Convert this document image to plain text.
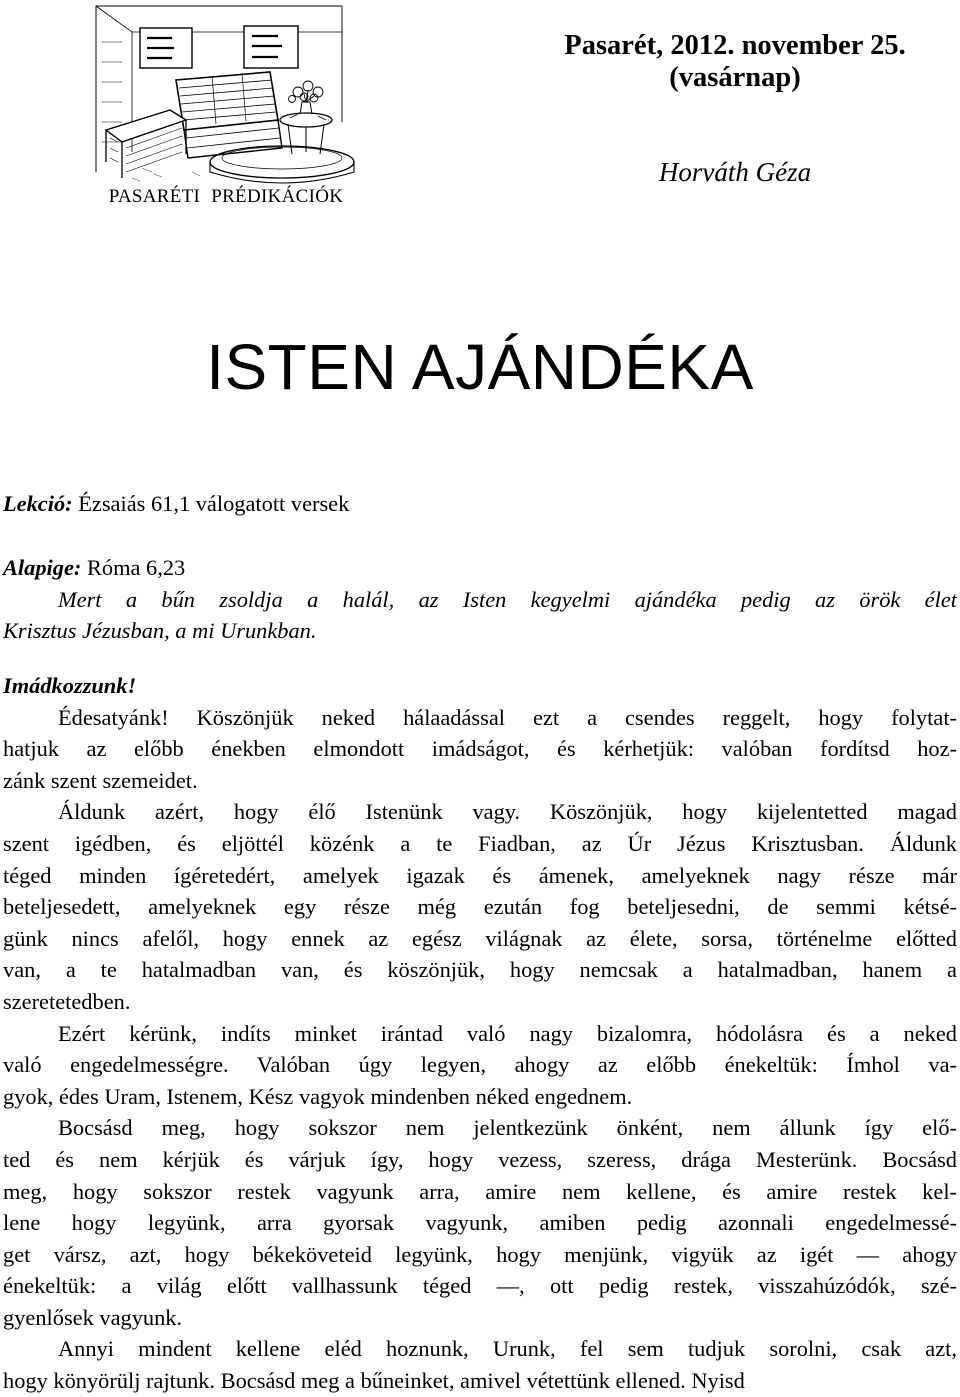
PASARÉTI PRÉDIKÁCIÓK
Pasarét, 2012. november 25.
(vasárnap)
Horváth Géza
ISTEN AJÁNDÉKA
Lekció: Ézsaiás 61,1 válogatott versek
Alapige: Róma 6,23
Mert a bűn zsoldja a halál, az Isten kegyelmi ajándéka pedig az örök élet
Krisztus Jézusban, a mi Urunkban.
Imádkozzunk!
Édesatyánk! Köszönjük neked hálaadással ezt a csendes reggelt, hogy folytat-
hatjuk az előbb énekben elmondott imádságot, és kérhetjük: valóban fordítsd hoz-
zánk szent szemeidet.
Áldunk azért, hogy élő Istenünk vagy. Köszönjük, hogy kijelentetted magad
szent igédben, és eljöttél közénk a te Fiadban, az Úr Jézus Krisztusban. Áldunk
téged minden ígéretedért, amelyek igazak és ámenek, amelyeknek nagy része már
beteljesedett, amelyeknek egy része még ezután fog beteljesedni, de semmi kétsé-
günk nincs afelől, hogy ennek az egész világnak az élete, sorsa, történelme előtted
van, a te hatalmadban van, és köszönjük, hogy nemcsak a hatalmadban, hanem a
szeretetedben.
Ezért kérünk, indíts minket irántad való nagy bizalomra, hódolásra és a neked
való engedelmességre. Valóban úgy legyen, ahogy az előbb énekeltük: Ímhol va-
gyok, édes Uram, Istenem, Kész vagyok mindenben néked engednem.
Bocsásd meg, hogy sokszor nem jelentkezünk önként, nem állunk így elő-
ted és nem kérjük és várjuk így, hogy vezess, szeress, drága Mesterünk. Bocsásd
meg, hogy sokszor restek vagyunk arra, amire nem kellene, és amire restek kel-
lene hogy legyünk, arra gyorsak vagyunk, amiben pedig azonnali engedelmessé-
get vársz, azt, hogy békeköveteid legyünk, hogy menjünk, vigyük az igét — ahogy
énekeltük: a világ előtt vallhassunk téged —, ott pedig restek, visszahúzódók, szé-
gyenlősek vagyunk.
Annyi mindent kellene eléd hoznunk, Urunk, fel sem tudjuk sorolni, csak azt,
hogy könyörülj rajtunk. Bocsásd meg a bűneinket, amivel vétettünk ellened. Nyisd
